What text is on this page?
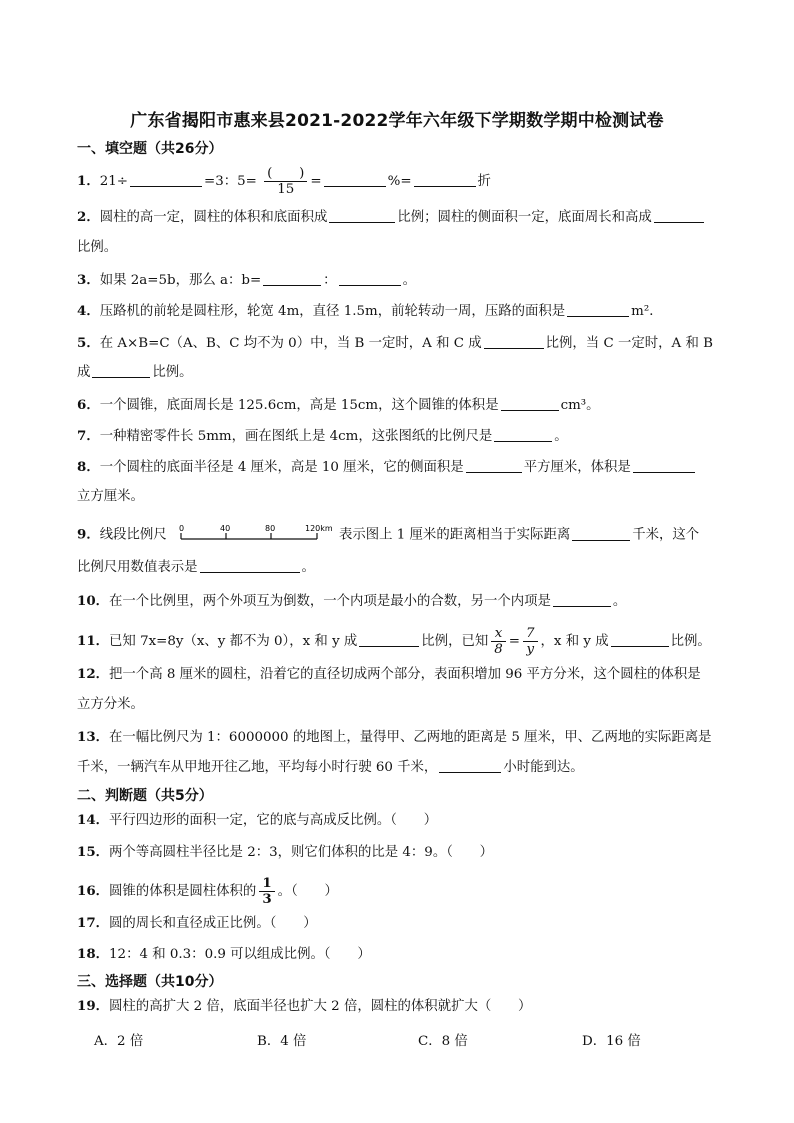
广东省揭阳市惠来县2021-2022学年六年级下学期数学期中检测试卷
一、填空题（共26分）
1．21÷	=3：$5= \frac{( )}{15}$ =	%=	折
2．圆柱的高一定，圆柱的体积和底面积成	比例；圆柱的侧面积一定，底面周长和高成
比例。
3．如果 2a=5b，那么 a：b=	：	。
4．压路机的前轮是圆柱形，轮宽 4m，直径 1.5m，前轮转动一周，压路的面积是	m²．
5．在 A×B=C（A、B、C 均不为 0）中，当 B 一定时，A 和 C 成	比例，当 C 一定时，A 和 B
成	比例。
6．一个圆锥，底面周长是 125.6cm，高是 15cm，这个圆锥的体积是	cm³。
7．一种精密零件长 5mm，画在图纸上是 4cm，这张图纸的比例尺是	。
8．一个圆柱的底面半径是 4 厘米，高是 10 厘米，它的侧面积是	平方厘米，体积是
立方厘米。
9．线段比例尺 0	40	80	120km 表示图上 1 厘米的距离相当于实际距离	千米，这个
比例尺用数值表示是	。
10．在一个比例里，两个外项互为倒数，一个内项是最小的合数，另一个内项是	。
11．已知 7x=8y（x、y 都不为 0），x 和 y 成	比例，已知 $\frac{x}{8} = \frac{7}{y}$ ，x 和 y 成	比例。
12．把一个高 8 厘米的圆柱，沿着它的直径切成两个部分，表面积增加 96 平方分米，这个圆柱的体积是
立方分米。
13．在一幅比例尺为 1：6000000 的地图上，量得甲、乙两地的距离是 5 厘米，甲、乙两地的实际距离是
千米，一辆汽车从甲地开往乙地，平均每小时行驶 60 千米，	小时能到达。
二、判断题（共5分）
14．平行四边形的面积一定，它的底与高成反比例。（　　）
15．两个等高圆柱半径比是 2：3，则它们体积的比是 4：9。（　　）
16．圆锥的体积是圆柱体积的 $\frac{1}{3}$ 。（　　）
17．圆的周长和直径成正比例。（　　）
18．12：4 和 0.3：0.9 可以组成比例。（　　）
三、选择题（共10分）
19．圆柱的高扩大 2 倍，底面半径也扩大 2 倍，圆柱的体积就扩大（　　）
A．2 倍	B．4 倍	C．8 倍	D．16 倍
